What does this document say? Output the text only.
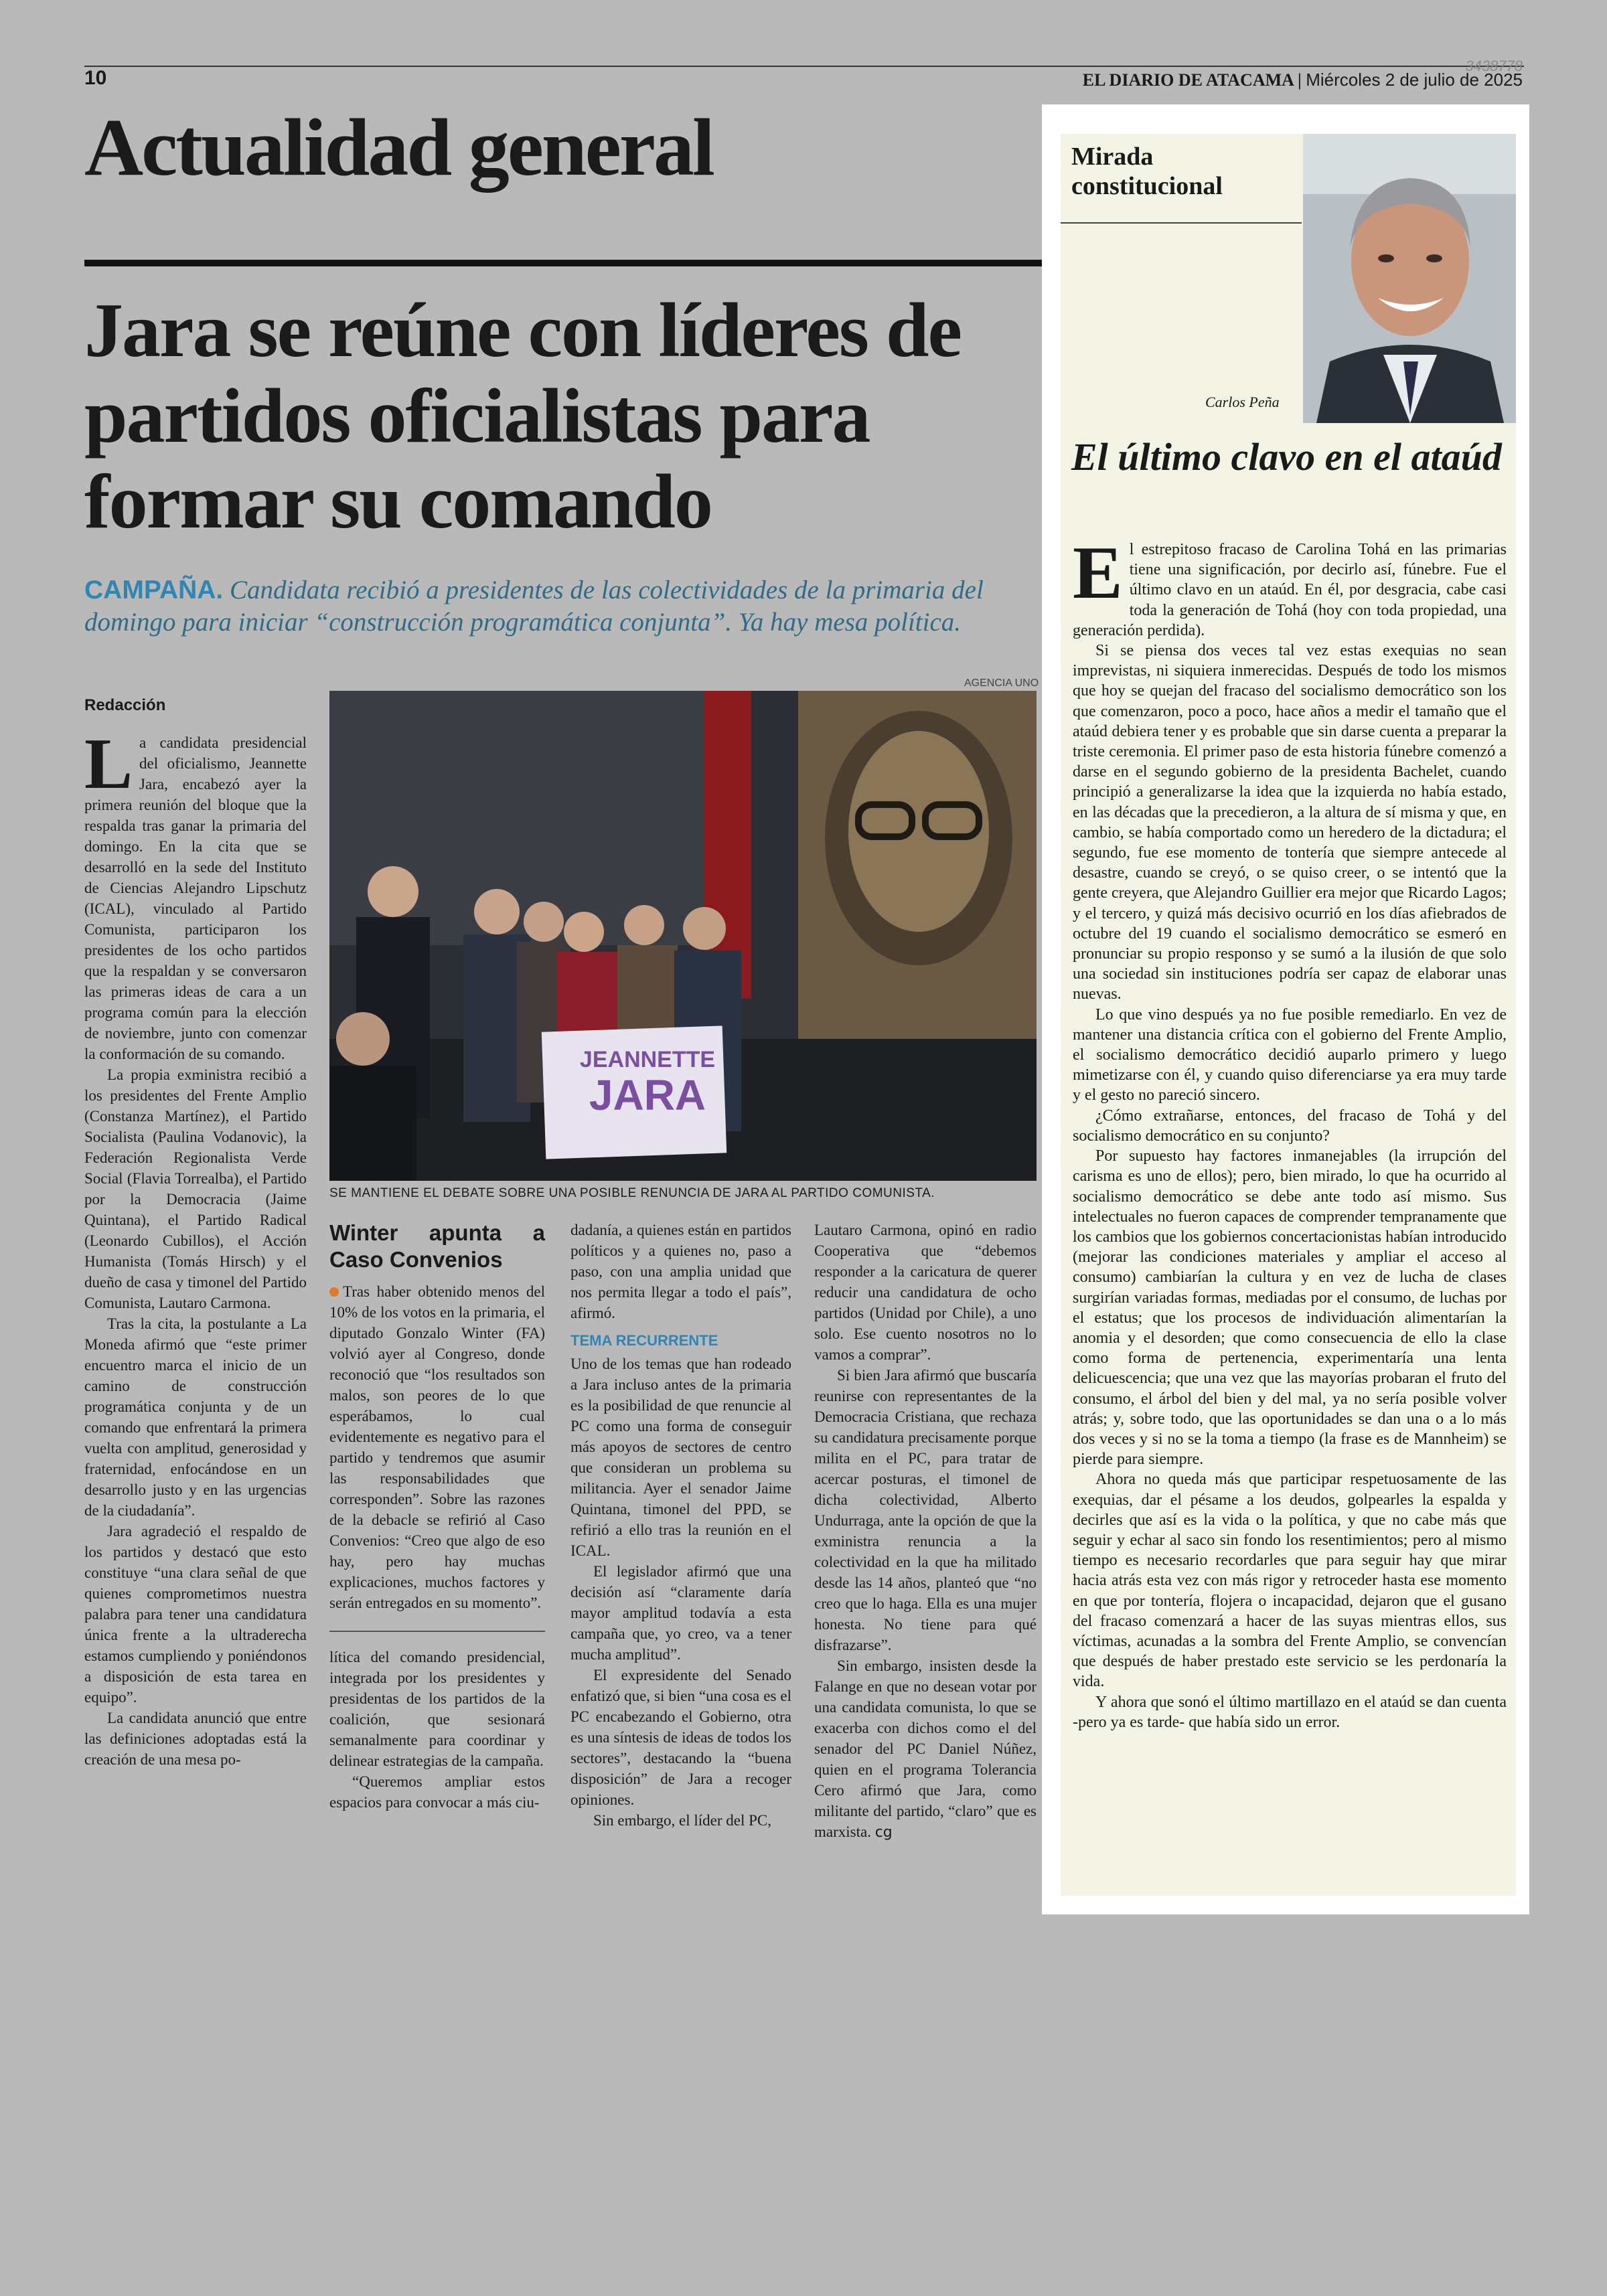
10
3438778
EL DIARIO DE ATACAMA | Miércoles 2 de julio de 2025
Actualidad general
Jara se reúne con líderes de partidos oficialistas para formar su comando
CAMPAÑA. Candidata recibió a presidentes de las colectividades de la primaria del domingo para iniciar “construcción programática conjunta”. Ya hay mesa política.
Redacción

La candidata presidencial del oficialismo, Jeannette Jara, encabezó ayer la primera reunión del bloque que la respalda tras ganar la primaria del domingo. En la cita que se desarrolló en la sede del Instituto de Ciencias Alejandro Lipschutz (ICAL), vinculado al Partido Comunista, participaron los presidentes de los ocho partidos que la respaldan y se conversaron las primeras ideas de cara a un programa común para la elección de noviembre, junto con comenzar la conformación de su comando.

La propia exministra recibió a los presidentes del Frente Amplio (Constanza Martínez), el Partido Socialista (Paulina Vodanovic), la Federación Regionalista Verde Social (Flavia Torrealba), el Partido por la Democracia (Jaime Quintana), el Partido Radical (Leonardo Cubillos), el Acción Humanista (Tomás Hirsch) y el dueño de casa y timonel del Partido Comunista, Lautaro Carmona.

Tras la cita, la postulante a La Moneda afirmó que “este primer encuentro marca el inicio de un camino de construcción programática conjunta y de un comando que enfrentará la primera vuelta con amplitud, generosidad y fraternidad, enfocándose en un desarrollo justo y en las urgencias de la ciudadanía”.

Jara agradeció el respaldo de los partidos y destacó que esto constituye “una clara señal de que quienes comprometimos nuestra palabra para tener una candidatura única frente a la ultraderecha estamos cumpliendo y poniéndonos a disposición de esta tarea en equipo”.

La candidata anunció que entre las definiciones adoptadas está la creación de una mesa po-

AGENCIA UNO
JEANNETTE
JARA
SE MANTIENE EL DEBATE SOBRE UNA POSIBLE RENUNCIA DE JARA AL PARTIDO COMUNISTA.
Winter apunta a Caso Convenios

Tras haber obtenido menos del 10% de los votos en la primaria, el diputado Gonzalo Winter (FA) volvió ayer al Congreso, donde reconoció que “los resultados son malos, son peores de lo que esperábamos, lo cual evidentemente es negativo para el partido y tendremos que asumir las responsabilidades que corresponden”. Sobre las razones de la debacle se refirió al Caso Convenios: “Creo que algo de eso hay, pero hay muchas explicaciones, muchos factores y serán entregados en su momento”.

lítica del comando presidencial, integrada por los presidentes y presidentas de los partidos de la coalición, que sesionará semanalmente para coordinar y delinear estrategias de la campaña.

“Queremos ampliar estos espacios para convocar a más ciu-

dadanía, a quienes están en partidos políticos y a quienes no, paso a paso, con una amplia unidad que nos permita llegar a todo el país”, afirmó.

TEMA RECURRENTE

Uno de los temas que han rodeado a Jara incluso antes de la primaria es la posibilidad de que renuncie al PC como una forma de conseguir más apoyos de sectores de centro que consideran un problema su militancia. Ayer el senador Jaime Quintana, timonel del PPD, se refirió a ello tras la reunión en el ICAL.

El legislador afirmó que una decisión así “claramente daría mayor amplitud todavía a esta campaña que, yo creo, va a tener mucha amplitud”.

El expresidente del Senado enfatizó que, si bien “una cosa es el PC encabezando el Gobierno, otra es una síntesis de ideas de todos los sectores”, destacando la “buena disposición” de Jara a recoger opiniones.

Sin embargo, el líder del PC,

Lautaro Carmona, opinó en radio Cooperativa que “debemos responder a la caricatura de querer reducir una candidatura de ocho partidos (Unidad por Chile), a uno solo. Ese cuento nosotros no lo vamos a comprar”.

Si bien Jara afirmó que buscaría reunirse con representantes de la Democracia Cristiana, que rechaza su candidatura precisamente porque milita en el PC, para tratar de acercar posturas, el timonel de dicha colectividad, Alberto Undurraga, ante la opción de que la exministra renuncia a la colectividad en la que ha militado desde las 14 años, planteó que “no creo que lo haga. Ella es una mujer honesta. No tiene para qué disfrazarse”.

Sin embargo, insisten desde la Falange en que no desean votar por una candidata comunista, lo que se exacerba con dichos como el del senador del PC Daniel Núñez, quien en el programa Tolerancia Cero afirmó que Jara, como militante del partido, “claro” que es marxista. cg

Mirada constitucional
Carlos Peña
El último clavo en el ataúd

El estrepitoso fracaso de Carolina Tohá en las primarias tiene una significación, por decirlo así, fúnebre. Fue el último clavo en un ataúd. En él, por desgracia, cabe casi toda la generación de Tohá (hoy con toda propiedad, una generación perdida).

Si se piensa dos veces tal vez estas exequias no sean imprevistas, ni siquiera inmerecidas. Después de todo los mismos que hoy se quejan del fracaso del socialismo democrático son los que comenzaron, poco a poco, hace años a medir el tamaño que el ataúd debiera tener y es probable que sin darse cuenta a preparar la triste ceremonia. El primer paso de esta historia fúnebre comenzó a darse en el segundo gobierno de la presidenta Bachelet, cuando principió a generalizarse la idea que la izquierda no había estado, en las décadas que la precedieron, a la altura de sí misma y que, en cambio, se había comportado como un heredero de la dictadura; el segundo, fue ese momento de tontería que siempre antecede al desastre, cuando se creyó, o se quiso creer, o se intentó que la gente creyera, que Alejandro Guillier era mejor que Ricardo Lagos; y el tercero, y quizá más decisivo ocurrió en los días afiebrados de octubre del 19 cuando el socialismo democrático se esmeró en pronunciar su propio responso y se sumó a la ilusión de que solo una sociedad sin instituciones podría ser capaz de elaborar unas nuevas.

Lo que vino después ya no fue posible remediarlo. En vez de mantener una distancia crítica con el gobierno del Frente Amplio, el socialismo democrático decidió auparlo primero y luego mimetizarse con él, y cuando quiso diferenciarse ya era muy tarde y el gesto no pareció sincero.

¿Cómo extrañarse, entonces, del fracaso de Tohá y del socialismo democrático en su conjunto?

Por supuesto hay factores inmanejables (la irrupción del carisma es uno de ellos); pero, bien mirado, lo que ha ocurrido al socialismo democrático se debe ante todo así mismo. Sus intelectuales no fueron capaces de comprender tempranamente que los cambios que los gobiernos concertacionistas habían introducido (mejorar las condiciones materiales y ampliar el acceso al consumo) cambiarían la cultura y en vez de lucha de clases surgirían variadas formas, mediadas por el consumo, de luchas por el estatus; que los procesos de individuación alimentarían la anomia y el desorden; que como consecuencia de ello la clase como forma de pertenencia, experimentaría una lenta delicuescencia; que una vez que las mayorías probaran el fruto del consumo, el árbol del bien y del mal, ya no sería posible volver atrás; y, sobre todo, que las oportunidades se dan una o a lo más dos veces y si no se la toma a tiempo (la frase es de Mannheim) se pierde para siempre.

Ahora no queda más que participar respetuosamente de las exequias, dar el pésame a los deudos, golpearles la espalda y decirles que así es la vida o la política, y que no cabe más que seguir y echar al saco sin fondo los resentimientos; pero al mismo tiempo es necesario recordarles que para seguir hay que mirar hacia atrás esta vez con más rigor y retroceder hasta ese momento en que por tontería, flojera o incapacidad, dejaron que el gusano del fracaso comenzará a hacer de las suyas mientras ellos, sus víctimas, acunadas a la sombra del Frente Amplio, se convencían que después de haber prestado este servicio se les perdonaría la vida.

Y ahora que sonó el último martillazo en el ataúd se dan cuenta -pero ya es tarde- que había sido un error.
